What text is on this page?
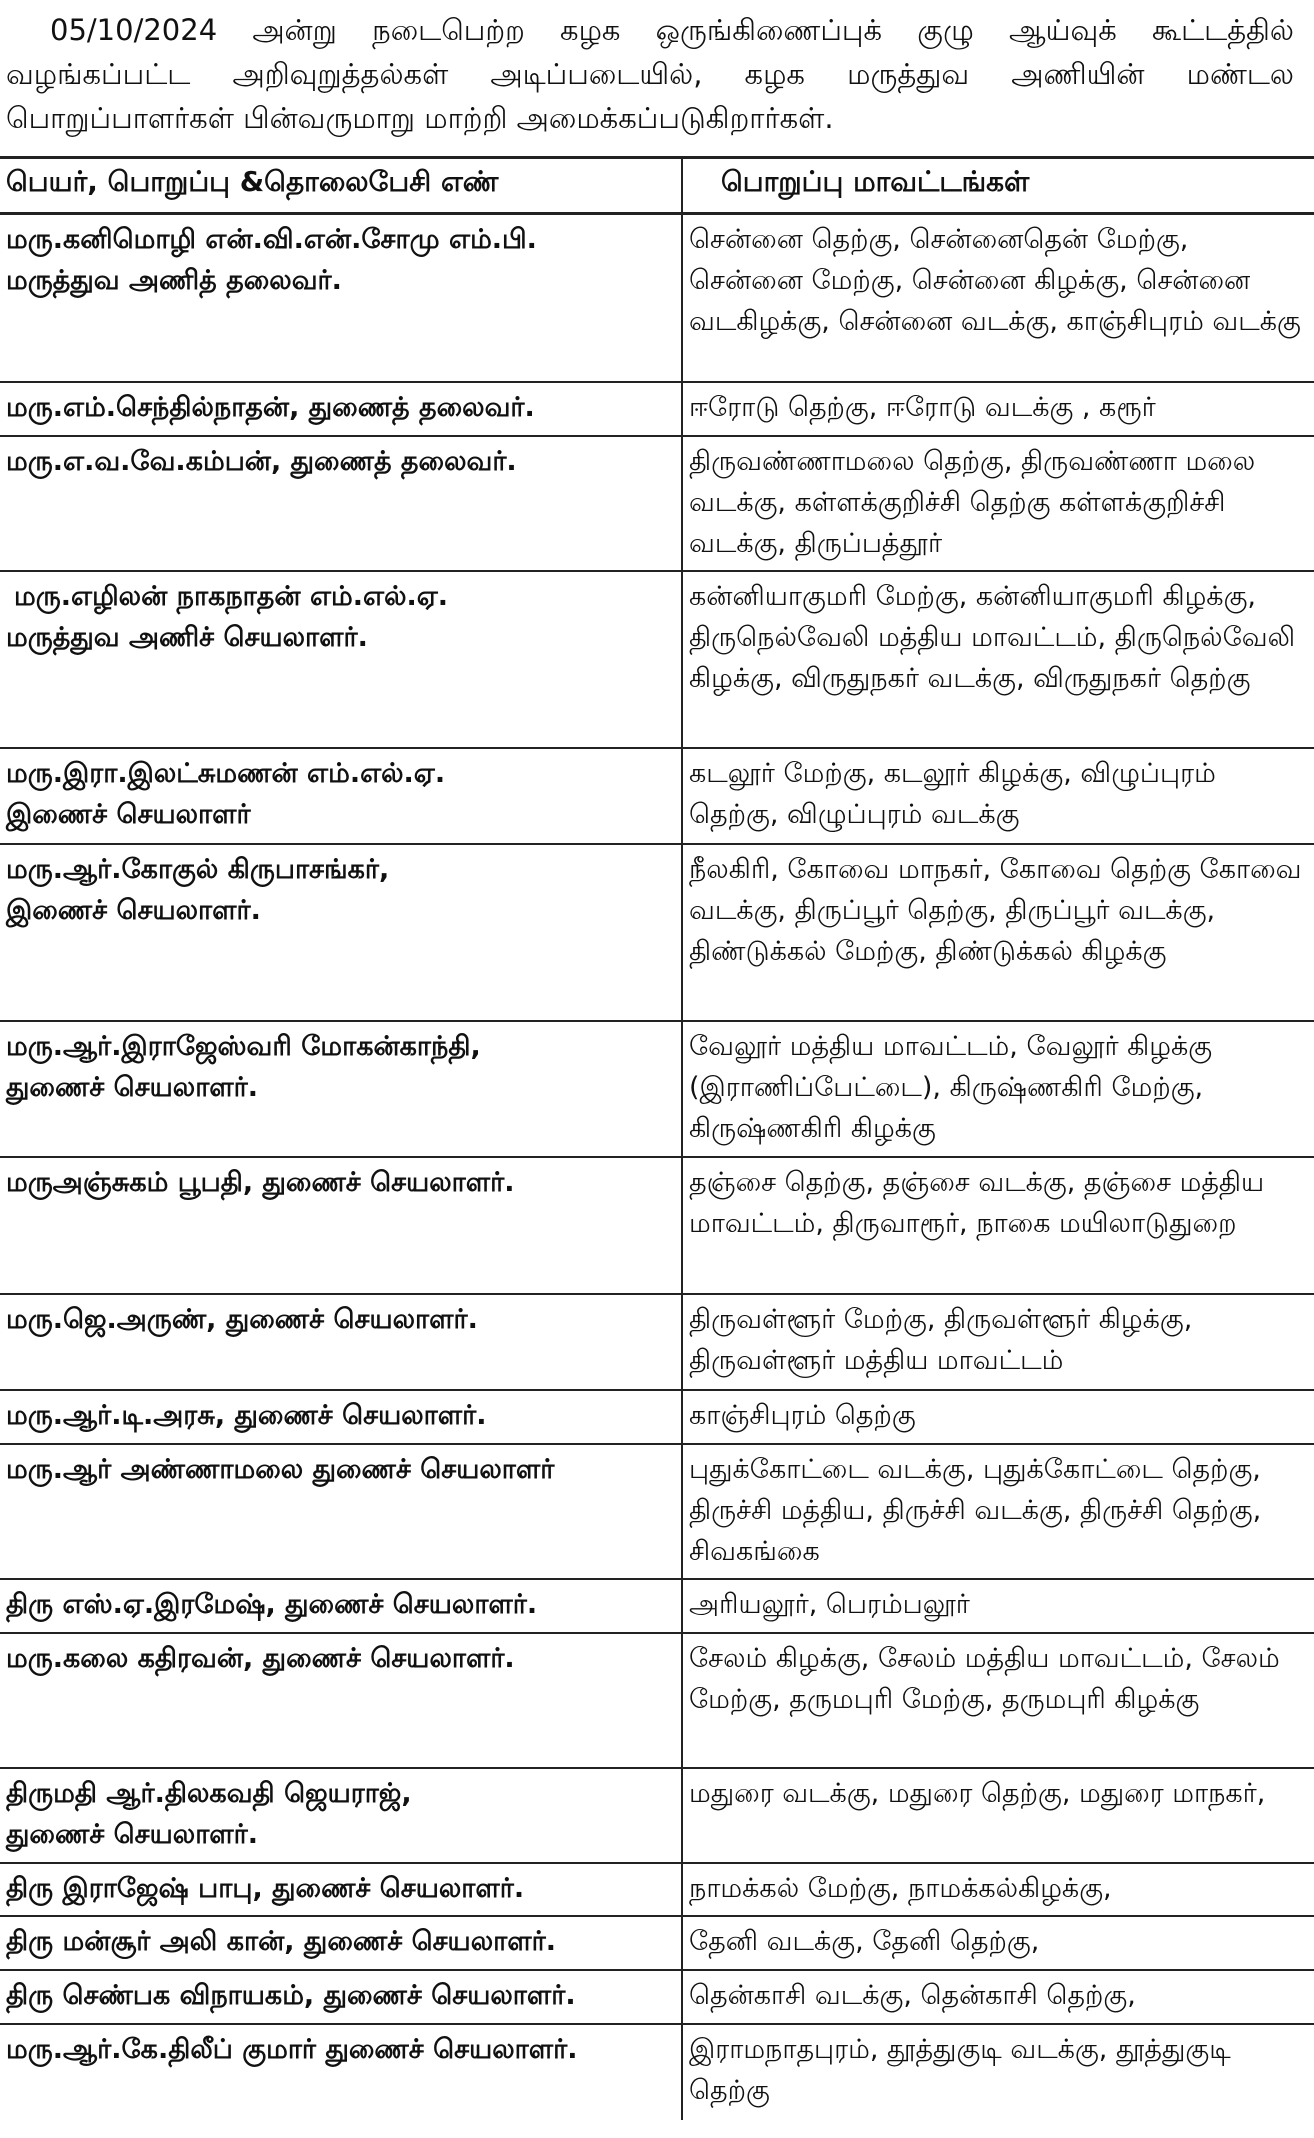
05/10/2024 அன்று நடைபெற்ற கழக ஒருங்கிணைப்புக் குழு ஆய்வுக் கூட்டத்தில் வழங்கப்பட்ட அறிவுறுத்தல்கள் அடிப்படையில், கழக மருத்துவ அணியின் மண்டல பொறுப்பாளர்கள் பின்வருமாறு மாற்றி அமைக்கப்படுகிறார்கள்.
பெயர், பொறுப்பு &தொலைபேசி எண்	பொறுப்பு மாவட்டங்கள்

மரு.கனிமொழி என்.வி.என்.சோமு எம்.பி.
மருத்துவ அணித் தலைவர்.	சென்னை தெற்கு, சென்னைதென் மேற்கு, சென்னை மேற்கு, சென்னை கிழக்கு, சென்னை வடகிழக்கு, சென்னை வடக்கு, காஞ்சிபுரம் வடக்கு

மரு.எம்.செந்தில்நாதன், துணைத் தலைவர்.	ஈரோடு தெற்கு, ஈரோடு வடக்கு , கரூர்

மரு.எ.வ.வே.கம்பன், துணைத் தலைவர்.	திருவண்ணாமலை தெற்கு, திருவண்ணா மலை வடக்கு, கள்ளக்குறிச்சி தெற்கு கள்ளக்குறிச்சி வடக்கு, திருப்பத்தூர்

மரு.எழிலன் நாகநாதன் எம்.எல்.ஏ.
மருத்துவ அணிச் செயலாளர்.	கன்னியாகுமரி மேற்கு, கன்னியாகுமரி கிழக்கு, திருநெல்வேலி மத்திய மாவட்டம், திருநெல்வேலி கிழக்கு, விருதுநகர் வடக்கு, விருதுநகர் தெற்கு

மரு.இரா.இலட்சுமணன் எம்.எல்.ஏ.
இணைச் செயலாளர்	கடலூர் மேற்கு, கடலூர் கிழக்கு, விழுப்புரம் தெற்கு, விழுப்புரம் வடக்கு

மரு.ஆர்.கோகுல் கிருபாசங்கர்,
இணைச் செயலாளர்.	நீலகிரி, கோவை மாநகர், கோவை தெற்கு கோவை வடக்கு, திருப்பூர் தெற்கு, திருப்பூர் வடக்கு, திண்டுக்கல் மேற்கு, திண்டுக்கல் கிழக்கு

மரு.ஆர்.இராஜேஸ்வரி மோகன்காந்தி,
துணைச் செயலாளர்.	வேலூர் மத்திய மாவட்டம், வேலூர் கிழக்கு (இராணிப்பேட்டை), கிருஷ்ணகிரி மேற்கு, கிருஷ்ணகிரி கிழக்கு

மருஅஞ்சுகம் பூபதி, துணைச் செயலாளர்.	தஞ்சை தெற்கு, தஞ்சை வடக்கு, தஞ்சை மத்திய மாவட்டம், திருவாரூர், நாகை மயிலாடுதுறை

மரு.ஜெ.அருண், துணைச் செயலாளர்.	திருவள்ளூர் மேற்கு, திருவள்ளூர் கிழக்கு, திருவள்ளூர் மத்திய மாவட்டம்

மரு.ஆர்.டி.அரசு, துணைச் செயலாளர்.	காஞ்சிபுரம் தெற்கு

மரு.ஆர் அண்ணாமலை துணைச் செயலாளர்	புதுக்கோட்டை வடக்கு, புதுக்கோட்டை தெற்கு, திருச்சி மத்திய, திருச்சி வடக்கு, திருச்சி தெற்கு, சிவகங்கை

திரு எஸ்.ஏ.இரமேஷ், துணைச் செயலாளர்.	அரியலூர், பெரம்பலூர்

மரு.கலை கதிரவன், துணைச் செயலாளர்.	சேலம் கிழக்கு, சேலம் மத்திய மாவட்டம், சேலம் மேற்கு, தருமபுரி மேற்கு, தருமபுரி கிழக்கு

திருமதி ஆர்.திலகவதி ஜெயராஜ்,
துணைச் செயலாளர்.	மதுரை வடக்கு, மதுரை தெற்கு, மதுரை மாநகர்,

திரு இராஜேஷ் பாபு, துணைச் செயலாளர்.	நாமக்கல் மேற்கு, நாமக்கல்கிழக்கு,

திரு மன்சூர் அலி கான், துணைச் செயலாளர்.	தேனி வடக்கு, தேனி தெற்கு,

திரு செண்பக விநாயகம், துணைச் செயலாளர்.	தென்காசி வடக்கு, தென்காசி தெற்கு,

மரு.ஆர்.கே.திலீப் குமார் துணைச் செயலாளர்.	இராமநாதபுரம், தூத்துகுடி வடக்கு, தூத்துகுடி தெற்கு
